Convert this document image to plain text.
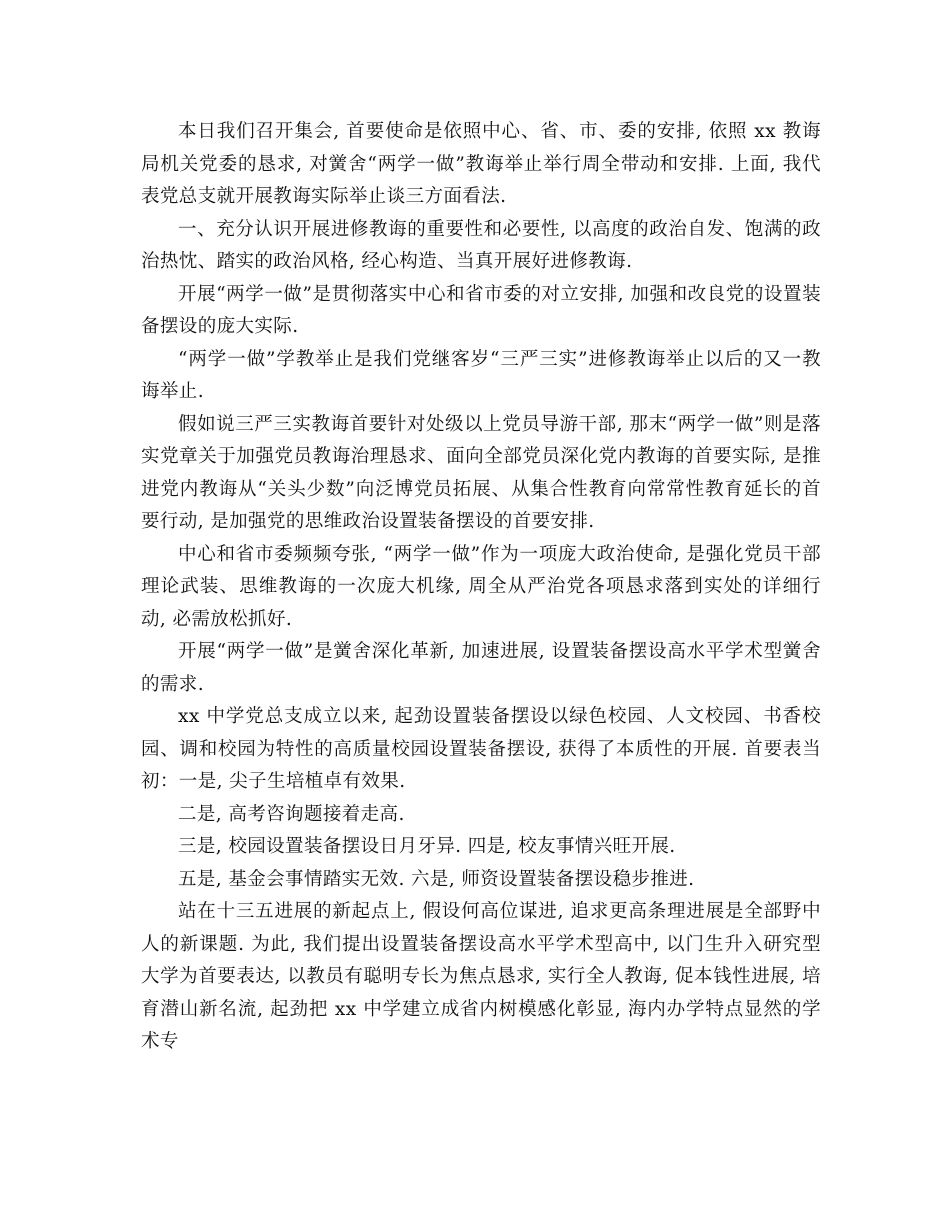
本日我们召开集会, 首要使命是依照中心、省、市、委的安排, 依照 xx 教诲局机关党委的恳求, 对黉舍“两学一做”教诲举止举行周全带动和安排. 上面, 我代表党总支就开展教诲实际举止谈三方面看法.

一、充分认识开展进修教诲的重要性和必要性, 以高度的政治自发、饱满的政治热忱、踏实的政治风格, 经心构造、当真开展好进修教诲.

开展“两学一做”是贯彻落实中心和省市委的对立安排, 加强和改良党的设置装备摆设的庞大实际.

“两学一做”学教举止是我们党继客岁“三严三实”进修教诲举止以后的又一教诲举止.

假如说三严三实教诲首要针对处级以上党员导游干部, 那末“两学一做”则是落实党章关于加强党员教诲治理恳求、面向全部党员深化党内教诲的首要实际, 是推进党内教诲从“关头少数”向泛博党员拓展、从集合性教育向常常性教育延长的首要行动, 是加强党的思维政治设置装备摆设的首要安排.

中心和省市委频频夸张, “两学一做”作为一项庞大政治使命, 是强化党员干部理论武装、思维教诲的一次庞大机缘, 周全从严治党各项恳求落到实处的详细行动, 必需放松抓好.

开展“两学一做”是黉舍深化革新, 加速进展, 设置装备摆设高水平学术型黉舍的需求.

xx 中学党总支成立以来, 起劲设置装备摆设以绿色校园、人文校园、书香校园、调和校园为特性的高质量校园设置装备摆设, 获得了本质性的开展. 首要表当初：一是, 尖子生培植卓有效果.

二是, 高考咨询题接着走高.

三是, 校园设置装备摆设日月牙异. 四是, 校友事情兴旺开展.

五是, 基金会事情踏实无效. 六是, 师资设置装备摆设稳步推进.

站在十三五进展的新起点上, 假设何高位谋进, 追求更高条理进展是全部野中人的新课题. 为此, 我们提出设置装备摆设高水平学术型高中, 以门生升入研究型大学为首要表达, 以教员有聪明专长为焦点恳求, 实行全人教诲, 促本钱性进展, 培育潜山新名流, 起劲把 xx 中学建立成省内树模感化彰显, 海内办学特点显然的学术专
